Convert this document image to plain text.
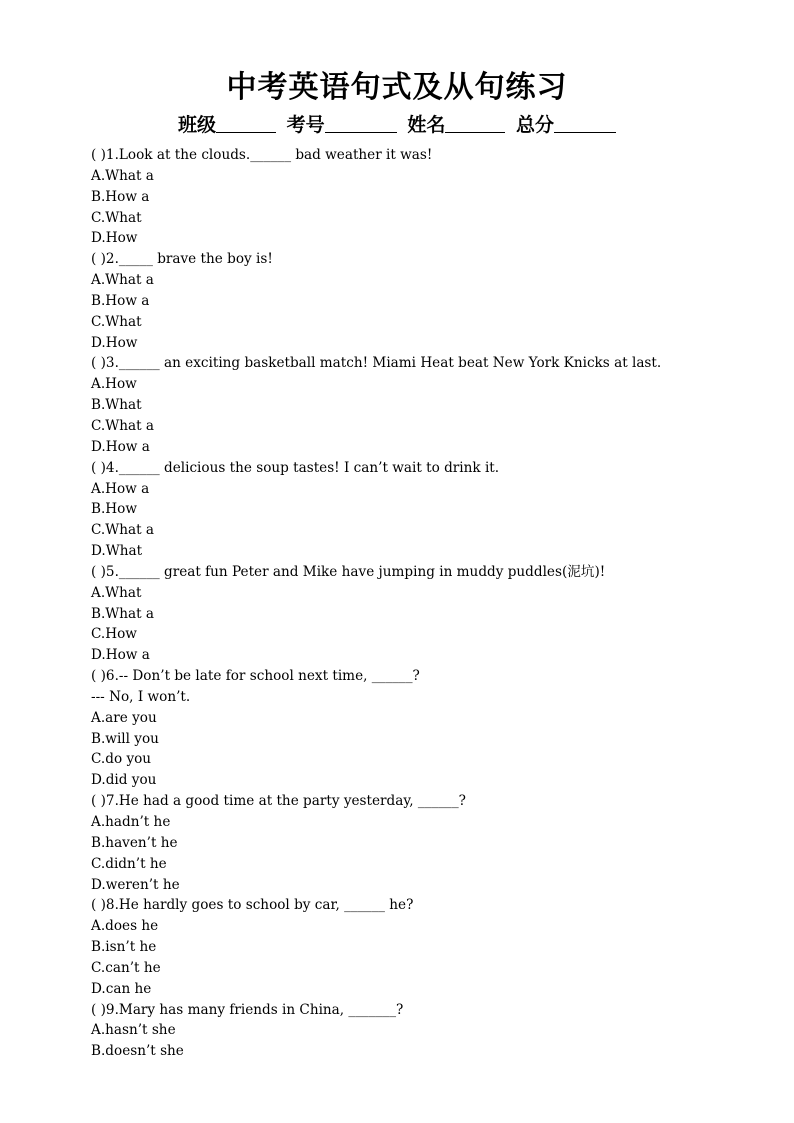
中考英语句式及从句练习
班级	考号	姓名	总分
( )1.Look at the clouds.______ bad weather it was!
A.What a
B.How a
C.What
D.How
( )2._____ brave the boy is!
A.What a
B.How a
C.What
D.How
( )3.______ an exciting basketball match! Miami Heat beat New York Knicks at last.
A.How
B.What
C.What a
D.How a
( )4.______ delicious the soup tastes! I can’t wait to drink it.
A.How a
B.How
C.What a
D.What
( )5.______ great fun Peter and Mike have jumping in muddy puddles(泥坑)!
A.What
B.What a
C.How
D.How a
( )6.-- Don’t be late for school next time, ______?
--- No, I won’t.
A.are you
B.will you
C.do you
D.did you
( )7.He had a good time at the party yesterday, ______?
A.hadn’t he
B.haven’t he
C.didn’t he
D.weren’t he
( )8.He hardly goes to school by car, ______ he?
A.does he
B.isn’t he
C.can’t he
D.can he
( )9.Mary has many friends in China, _______?
A.hasn’t she
B.doesn’t she
